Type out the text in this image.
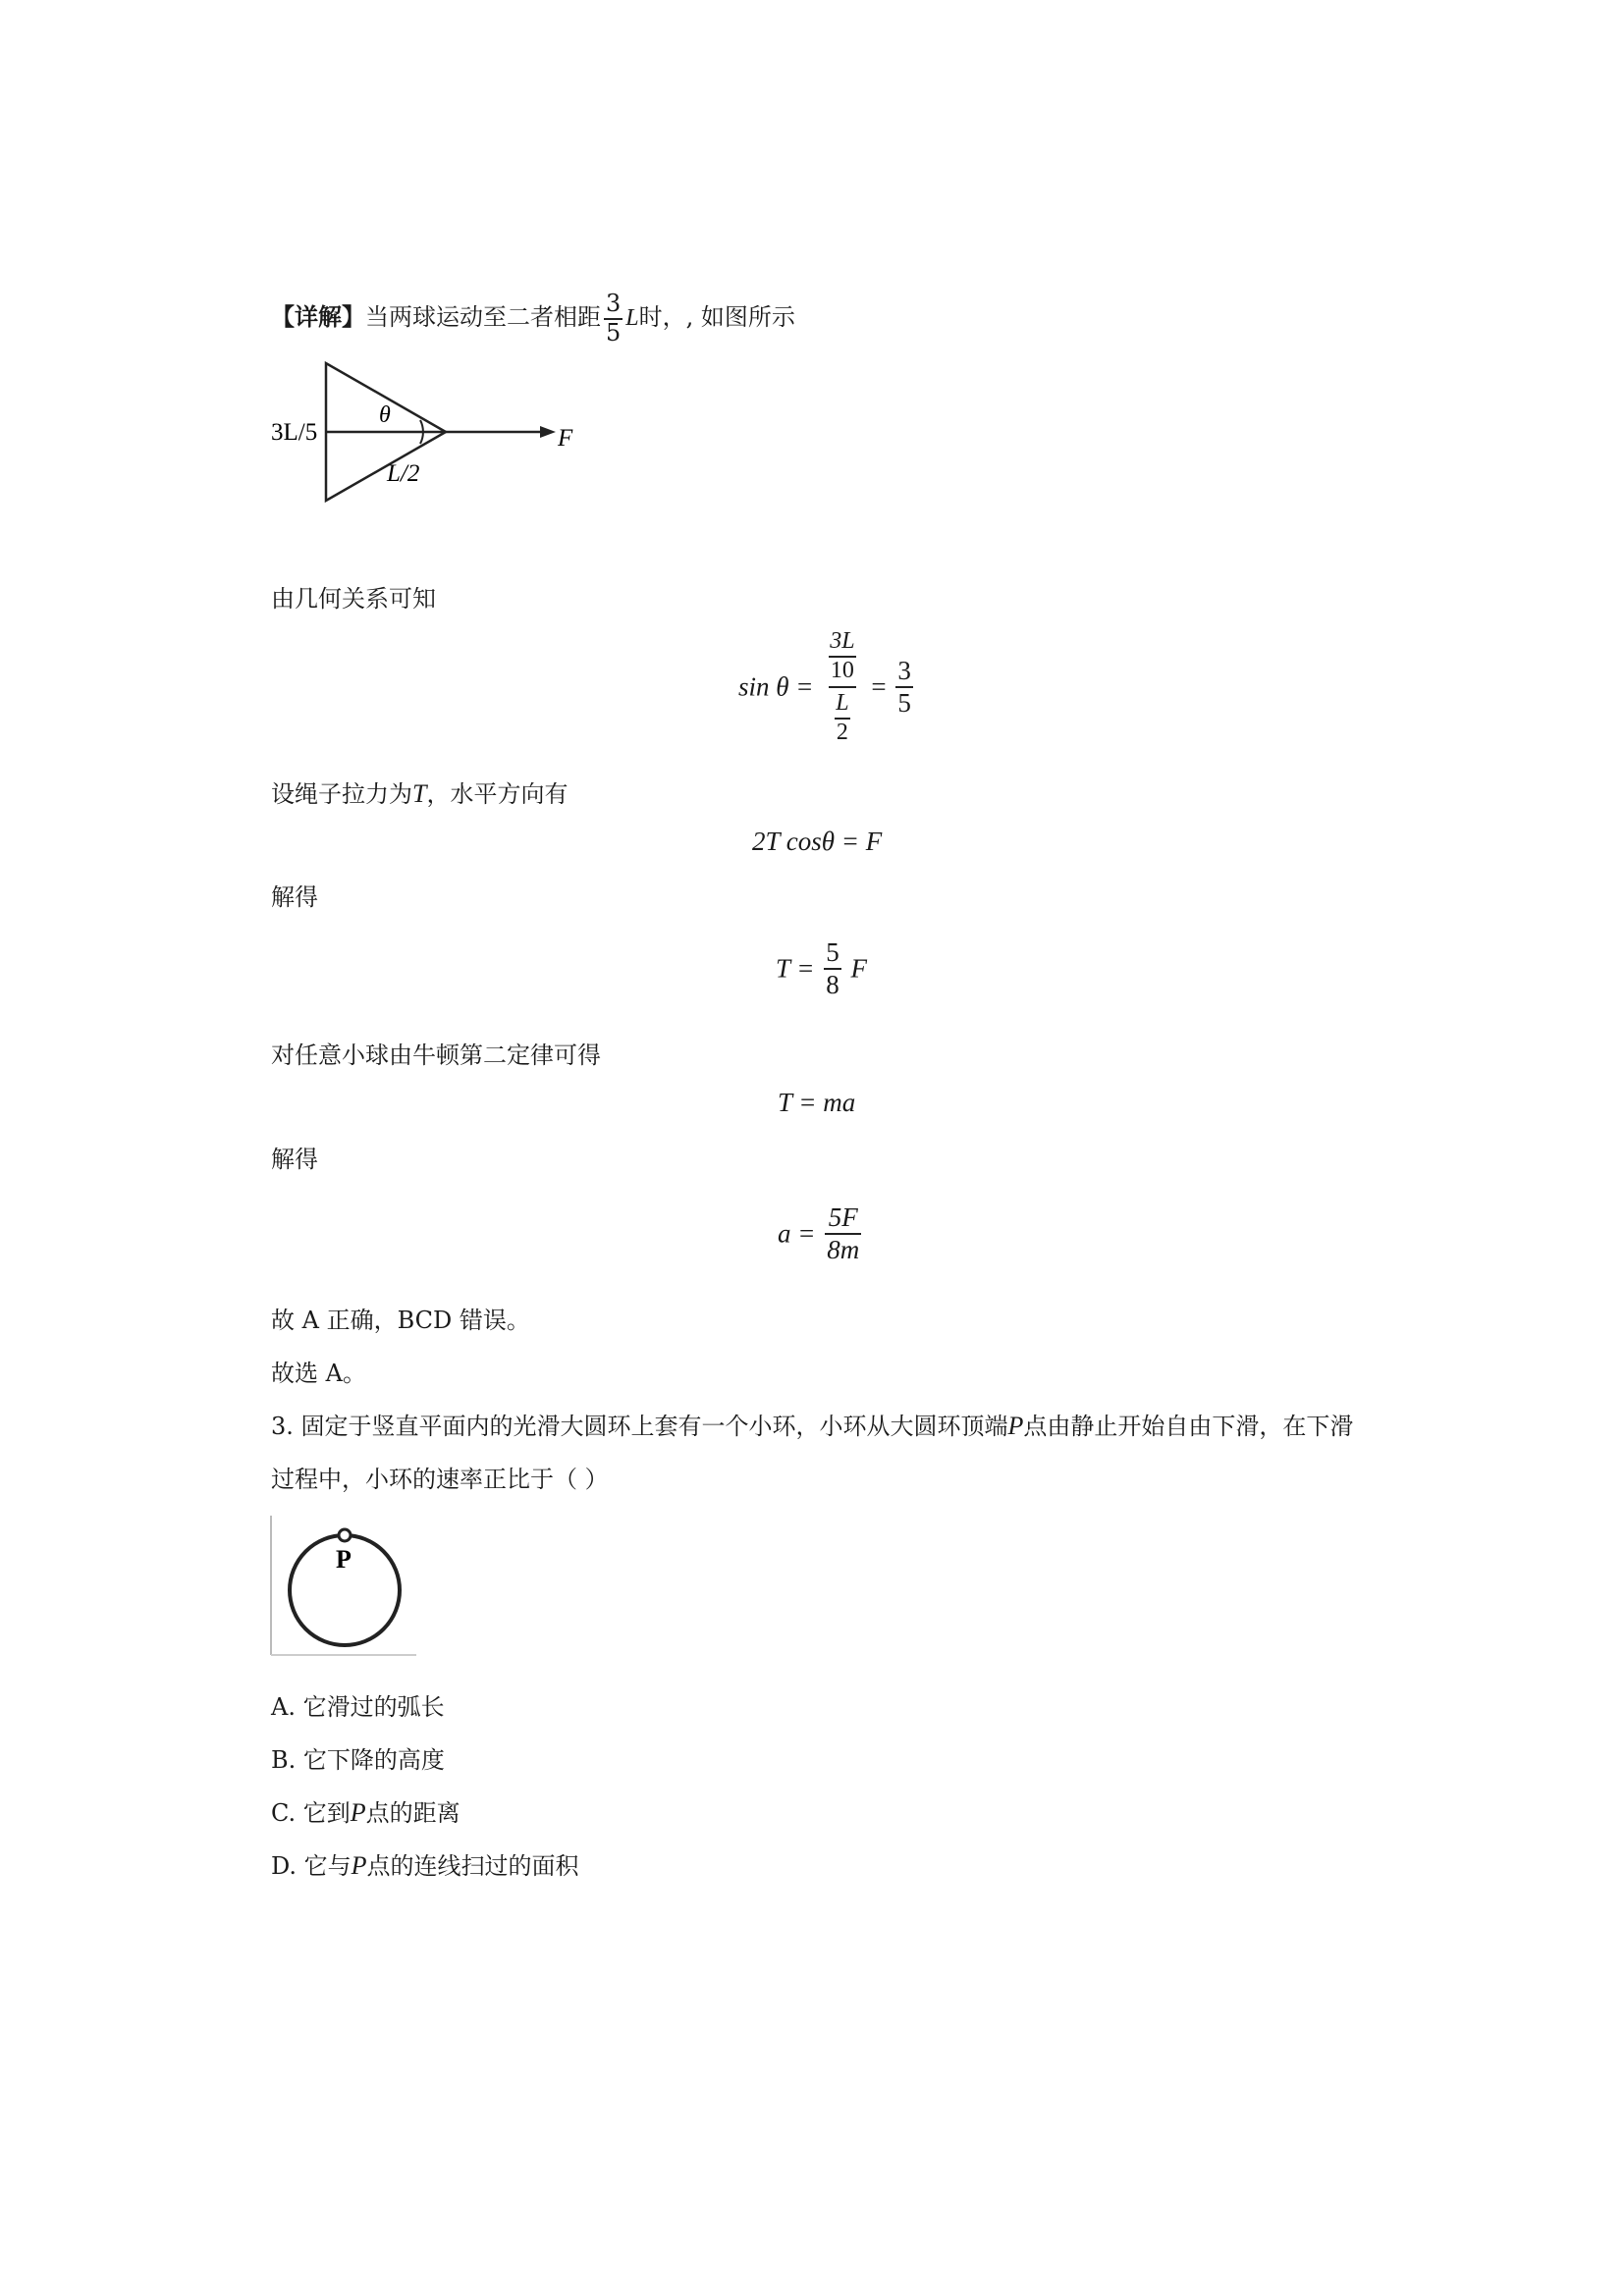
【详解】当两球运动至二者相距 $\frac{3}{5}$ L时，, 如图所示
3L/5
θ
L/2
F
由几何关系可知
$\sin \theta = \frac{\frac{3L}{10}}{\frac{L}{2}} = \frac{3}{5}$
设绳子拉力为T，水平方向有
2T cosθ = F
解得
$T = \frac{5}{8}$ F
对任意小球由牛顿第二定律可得
T = ma
解得
$a = \frac{5F}{8m}$
故 A 正确，BCD 错误。
故选 A。
3. 固定于竖直平面内的光滑大圆环上套有一个小环，小环从大圆环顶端P点由静止开始自由下滑，在下滑
过程中，小环的速率正比于（ ）
P
A. 它滑过的弧长
B. 它下降的高度
C. 它到P点的距离
D. 它与P点的连线扫过的面积
